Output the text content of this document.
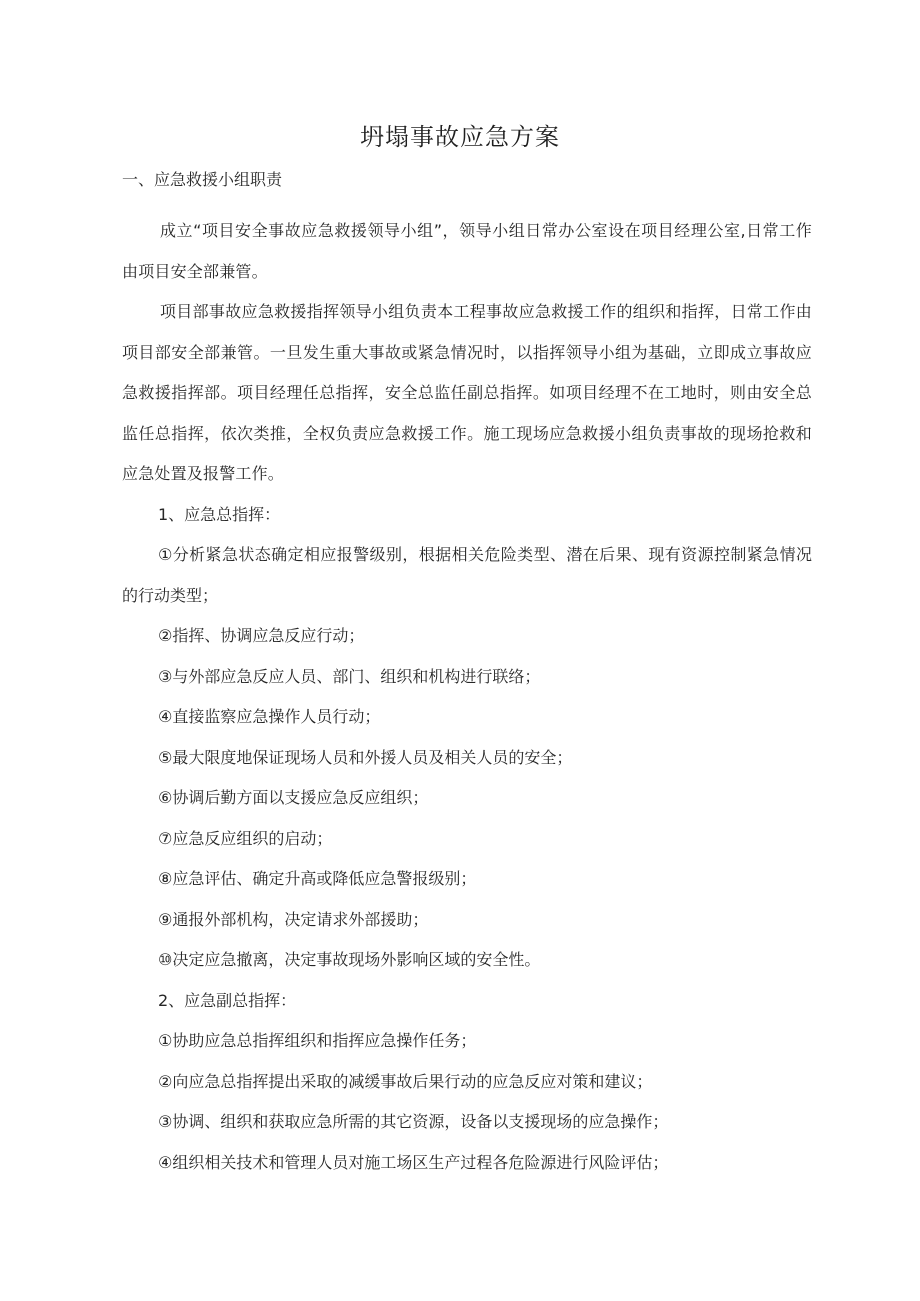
坍塌事故应急方案
一、应急救援小组职责
成立“项目安全事故应急救援领导小组”，领导小组日常办公室设在项目经理公室,日常工作由项目安全部兼管。
项目部事故应急救援指挥领导小组负责本工程事故应急救援工作的组织和指挥，日常工作由项目部安全部兼管。一旦发生重大事故或紧急情况时，以指挥领导小组为基础，立即成立事故应急救援指挥部。项目经理任总指挥，安全总监任副总指挥。如项目经理不在工地时，则由安全总监任总指挥，依次类推，全权负责应急救援工作。施工现场应急救援小组负责事故的现场抢救和应急处置及报警工作。
1、应急总指挥：
①分析紧急状态确定相应报警级别，根据相关危险类型、潜在后果、现有资源控制紧急情况的行动类型；
②指挥、协调应急反应行动；
③与外部应急反应人员、部门、组织和机构进行联络；
④直接监察应急操作人员行动；
⑤最大限度地保证现场人员和外援人员及相关人员的安全；
⑥协调后勤方面以支援应急反应组织；
⑦应急反应组织的启动；
⑧应急评估、确定升高或降低应急警报级别；
⑨通报外部机构，决定请求外部援助；
⑩决定应急撤离，决定事故现场外影响区域的安全性。
2、应急副总指挥：
①协助应急总指挥组织和指挥应急操作任务；
②向应急总指挥提出采取的减缓事故后果行动的应急反应对策和建议；
③协调、组织和获取应急所需的其它资源，设备以支援现场的应急操作；
④组织相关技术和管理人员对施工场区生产过程各危险源进行风险评估；
